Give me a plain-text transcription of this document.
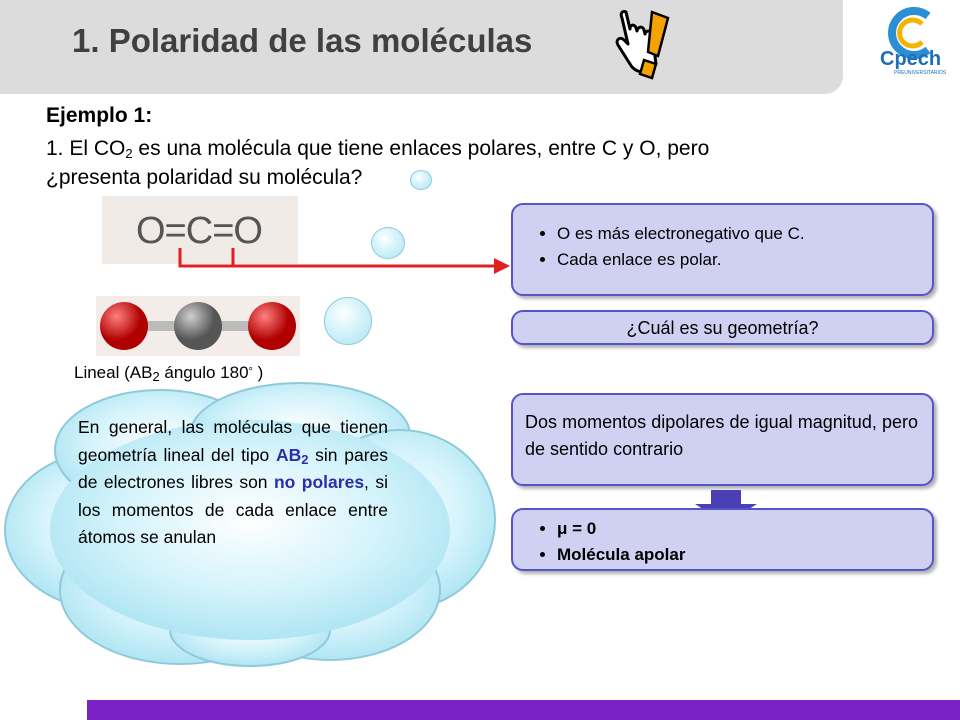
1. Polaridad de las moléculas	Cpech
PREUNIVERSITARIOS
Ejemplo 1:
1. El $CO_2$ es una molécula que tiene enlaces polares, entre C y O, pero
¿presenta polaridad su molécula?
O=C=O
Lineal ($AB_2$ ángulo 180° )
• O es más electronegativo que C.
• Cada enlace es polar.
¿Cuál es su geometría?
Dos momentos dipolares de igual magnitud, pero de sentido contrario
• μ = 0
• Molécula apolar
En general, las moléculas que tienen geometría lineal del tipo $AB_2$ sin pares de electrones libres son no polares, si los momentos de cada enlace entre átomos se anulan
